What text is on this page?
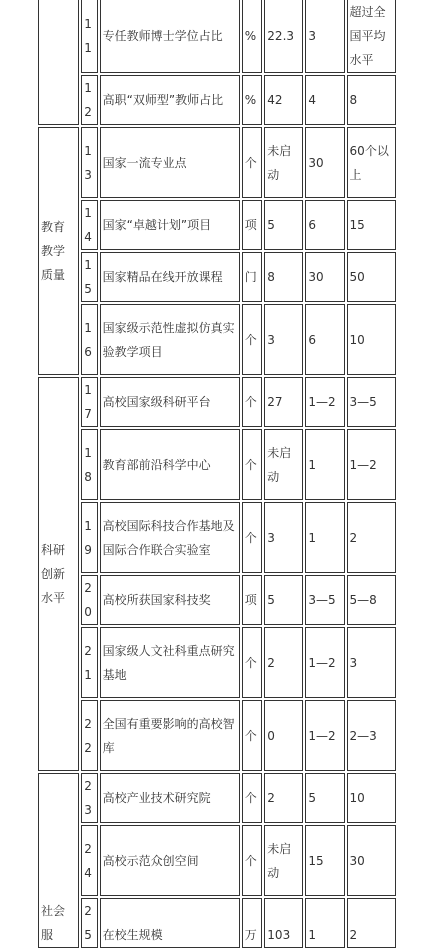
	11	专任教师博士学位占比	%	22.3	3	超过全国平均水平
	12	高职“双师型”教师占比	%	42	4	8
教育教学质量	13	国家一流专业点	个	未启动	30	60个以上
	14	国家“卓越计划”项目	项	5	6	15
	15	国家精品在线开放课程	门	8	30	50
	16	国家级示范性虚拟仿真实验教学项目	个	3	6	10
科研创新水平	17	高校国家级科研平台	个	27	1—2	3—5
	18	教育部前沿科学中心	个	未启动	1	1—2
	19	高校国际科技合作基地及国际合作联合实验室	个	3	1	2
	20	高校所获国家科技奖	项	5	3—5	5—8
	21	国家级人文社科重点研究基地	个	2	1—2	3
	22	全国有重要影响的高校智库	个	0	1—2	2—3
社会服	23	高校产业技术研究院	个	2	5	10
	24	高校示范众创空间	个	未启动	15	30
	25	在校生规模	万	103	1	2
